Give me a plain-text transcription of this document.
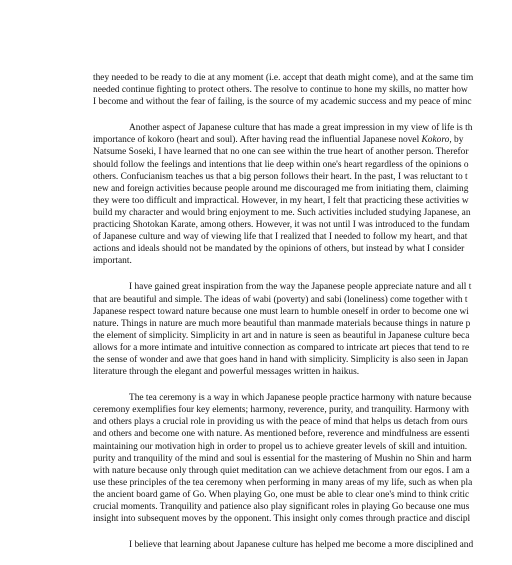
they needed to be ready to die at any moment (i.e. accept that death might come), and at the same tim
needed continue fighting to protect others. The resolve to continue to hone my skills, no matter how
I become and without the fear of failing, is the source of my academic success and my peace of minc

Another aspect of Japanese culture that has made a great impression in my view of life is th
importance of kokoro (heart and soul). After having read the influential Japanese novel Kokoro, by
Natsume Soseki, I have learned that no one can see within the true heart of another person. Therefor
should follow the feelings and intentions that lie deep within one's heart regardless of the opinions o
others. Confucianism teaches us that a big person follows their heart. In the past, I was reluctant to t
new and foreign activities because people around me discouraged me from initiating them, claiming
they were too difficult and impractical. However, in my heart, I felt that practicing these activities w
build my character and would bring enjoyment to me. Such activities included studying Japanese, an
practicing Shotokan Karate, among others. However, it was not until I was introduced to the fundam
of Japanese culture and way of viewing life that I realized that I needed to follow my heart, and that
actions and ideals should not be mandated by the opinions of others, but instead by what I consider
important.

I have gained great inspiration from the way the Japanese people appreciate nature and all t
that are beautiful and simple. The ideas of wabi (poverty) and sabi (loneliness) come together with t
Japanese respect toward nature because one must learn to humble oneself in order to become one wi
nature. Things in nature are much more beautiful than manmade materials because things in nature p
the element of simplicity. Simplicity in art and in nature is seen as beautiful in Japanese culture beca
allows for a more intimate and intuitive connection as compared to intricate art pieces that tend to re
the sense of wonder and awe that goes hand in hand with simplicity. Simplicity is also seen in Japan
literature through the elegant and powerful messages written in haikus.

The tea ceremony is a way in which Japanese people practice harmony with nature because
ceremony exemplifies four key elements; harmony, reverence, purity, and tranquility. Harmony with
and others plays a crucial role in providing us with the peace of mind that helps us detach from ours
and others and become one with nature. As mentioned before, reverence and mindfulness are essenti
maintaining our motivation high in order to propel us to achieve greater levels of skill and intuition.
purity and tranquility of the mind and soul is essential for the mastering of Mushin no Shin and harm
with nature because only through quiet meditation can we achieve detachment from our egos. I am a
use these principles of the tea ceremony when performing in many areas of my life, such as when pla
the ancient board game of Go. When playing Go, one must be able to clear one's mind to think critic
crucial moments. Tranquility and patience also play significant roles in playing Go because one mus
insight into subsequent moves by the opponent. This insight only comes through practice and discipl

I believe that learning about Japanese culture has helped me become a more disciplined and
